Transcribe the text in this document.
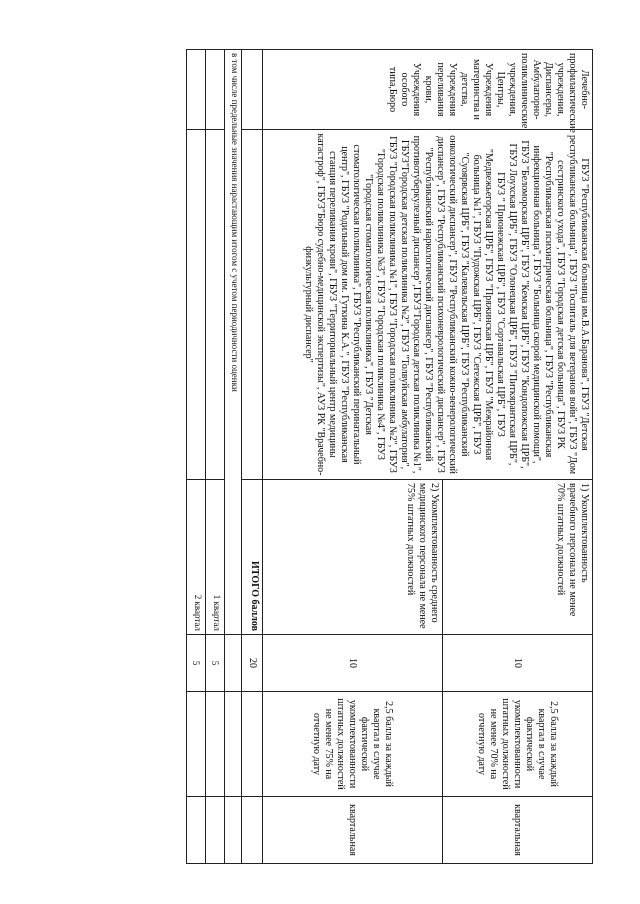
Лечебно-профилактические учреждения, Диспансеры, Амбулаторно-поликлинические учреждения, Центры, Учреждения материнства и детства, Учреждения переливания крови, Учреждения особого типа,Бюро	ГБУЗ "Республиканская больница им.В.А.Баранова", ГБУЗ "Детская республиканская больница", ГБУЗ "Госпиталь для ветеранов войн", ГБУЗ "Дом сестринского ухода", ГБУЗ "Городская детская больница", ГБУЗ РК "Республиканская психиатрическая больница", ГБУЗ "Республиканская инфекционная больница", ГБУЗ "Больница скорой медицинской помощи", ГБУЗ "Беломорская ЦРБ", ГБУЗ "Кемская ЦРБ", ГБУЗ "Кондопожская ЦРБ", ГБУЗ Лоухская ЦРБ", ГБУЗ "Олонецкая ЦРБ", ГБУЗ "Питкярантская ЦРБ", ГБУЗ " Прионежская ЦРБ", ГБУЗ "Сортавальская ЦРБ", ГБУЗ "Медвежьегорская ЦРБ", ГБУЗ "Пряжинская ЦРБ", ГБУЗ "Межрайонная больница №1", ГБУЗ "Пудожская ЦРБ", ГБУЗ "Сегежская ЦРБ", ГБУЗ "Суоярвская ЦРБ", ГБУЗ "Калевальская ЦРБ", ГБУЗ "Республиканский онкологический диспансер", ГБУЗ "Республиканский кожно-венерологический диспансер", ГБУЗ "Республиканский психоневрологический диспансер", ГБУЗ "Республиканский наркологический диспансер", ГБУЗ "Республиканский противотуберкулезный диспансер",ГБУЗ"Городская детская поликлиника №1", ГБУЗ"Городская детская поликлиника №2", ГБУЗ "Толвуйская амбулатория", ГБУЗ "Городская поликлиника №1", ГБУЗ "Городская поликлиника №2", ГБУЗ "Городская поликлиника №3", ГБУЗ "Городская поликлиника №4", ГБУЗ "Городская стоматологическая поликлиника", ГБУЗ "Детская стоматологическая поликлиника", ГБУЗ "Республиканский перинатальный центр", ГБУЗ "Родильный дом им. Гуткина К.А.", ГБУЗ "Республиканская станция переливания крови", ГБУЗ "Территориальный центр медицины катастроф", ГБУЗ"Бюро судебно-медицинской экспертизы", АУЗ РК "Врачебно-физкультурный диспансер"	1) Укомплектованность врачебного персонала не менее 70% штатных должностей	10	2,5 балла за каждый квартал в случае фактической укомплектованности штатных должностей не менее 70% на отчетную дату	квартальная
		2) Укомплектованность среднего медицинского персонала не менее 75% штатных должностей	10	2,5 балла за каждый квартал в случае фактической укомплектованности штатных должностей не менее 75% на отчетную дату	квартальная
		ИТОГО баллов	20		
в том числе предельные значения нарастающим итогом с учетом периодичности оценки					
		1 квартал	5		
		2 квартал	5		
